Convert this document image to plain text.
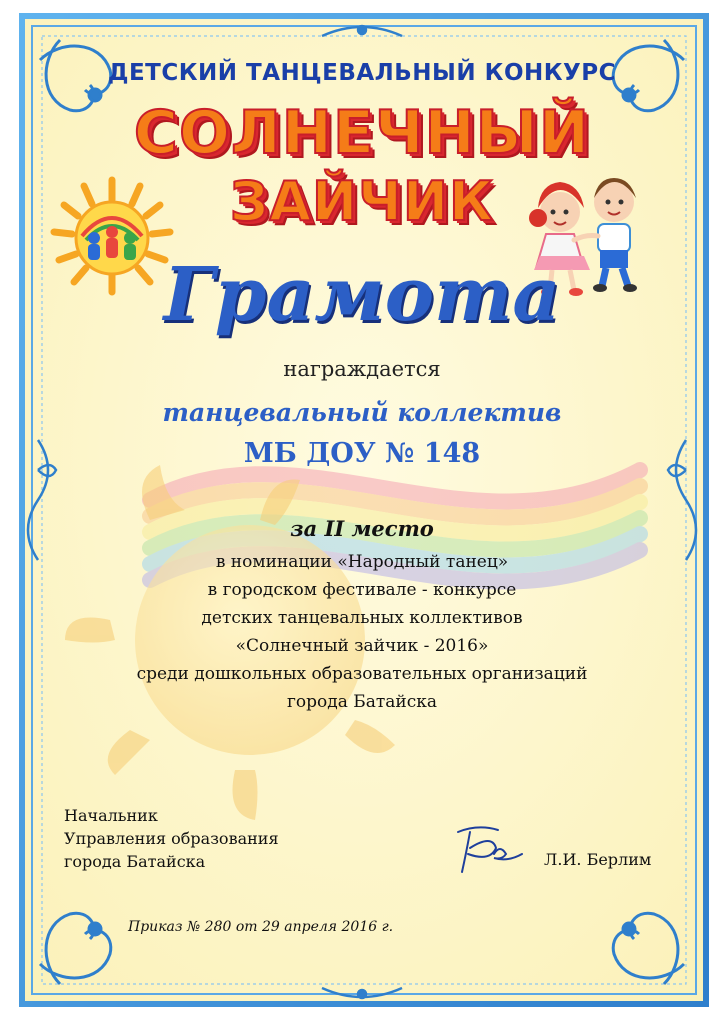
ДЕТСКИЙ ТАНЦЕВАЛЬНЫЙ КОНКУРС
СОЛНЕЧНЫЙ
ЗАЙЧИК
Грамота
награждается
танцевальный коллектив
МБ ДОУ № 148
за II место
в номинации «Народный танец»
в городском фестивале - конкурсе
детских танцевальных коллективов
«Солнечный зайчик - 2016»
среди дошкольных образовательных организаций
города Батайска
Начальник
Управления образования
города Батайска	Л.И. Берлим
Приказ № 280 от 29 апреля 2016 г.
